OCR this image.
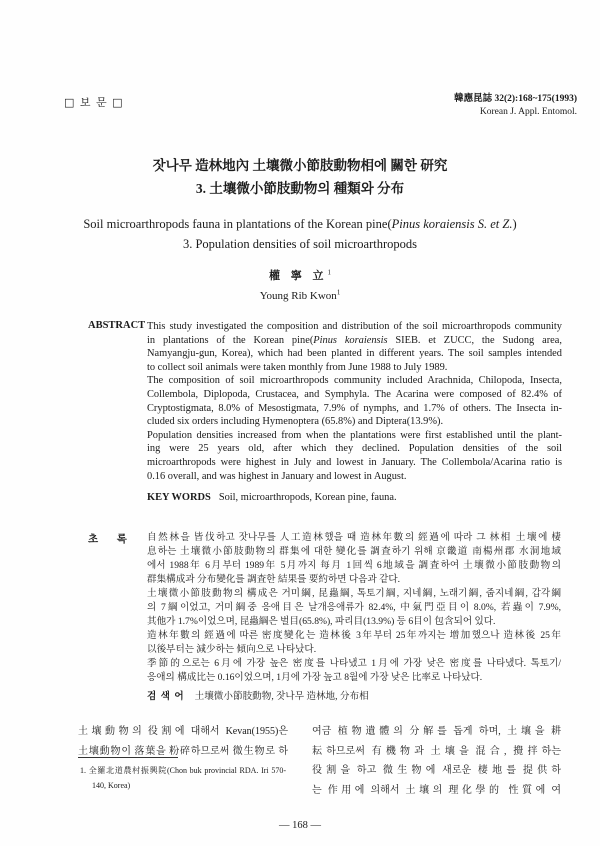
□ 보 문 □	韓應昆誌 32(2):168~175(1993)
Korean J. Appl. Entomol.
잣나무 造林地內 土壤微小節肢動物相에 關한 研究
3. 土壤微小節肢動物의 種類와 分布
Soil microarthropods fauna in plantations of the Korean pine(Pinus koraiensis S. et Z.)
3. Population densities of soil microarthropods
權 寧 立$^1$
Young Rib Kwon$^1$
ABSTRACT This study investigated the composition and distribution of the soil microarthropods community
in plantations of the Korean pine(Pinus koraiensis SIEB. et ZUCC, the Sudong area,
Namyangju-gun, Korea), which had been planted in different years. The soil samples intended
to collect soil animals were taken monthly from June 1988 to July 1989.
The composition of soil microarthropods community included Arachnida, Chilopoda, Insecta,
Collembola, Diplopoda, Crustacea, and Symphyla. The Acarina were composed of 82.4% of
Cryptostigmata, 8.0% of Mesostigmata, 7.9% of nymphs, and 1.7% of others. The Insecta in-
cluded six orders including Hymenoptera (65.8%) and Diptera(13.9%).
Population densities increased from when the plantations were first established until the plant-
ing were 25 years old, after which they declined. Population densities of the soil
microarthropods were highest in July and lowest in January. The Collembola/Acarina ratio is
0.16 overall, and was highest in January and lowest in August.
KEY WORDS Soil, microarthropods, Korean pine, fauna.
초 록 自然林을 皆伐하고 잣나무를 人工造林했을 때 造林年數의 經過에 따라 그 林相 土壤에 棲
息하는 土壤微小節肢動物의 群集에 대한 變化를 調査하기 위해 京畿道 南楊州郡 水洞地域
에서 1988年 6月부터 1989年 5月까지 每月 1回씩 6地域을 調査하여 土壤微小節肢動物의
群集構成과 分布變化를 調査한 結果를 要約하면 다음과 같다.
土壤微小節肢動物의 構成은 거미綱, 昆蟲綱, 톡토기綱, 지네綱, 노래기綱, 줍지네綱, 갑각綱
의 7綱이었고, 거미綱중 응애目은 날개응애류가 82.4%, 中氣門亞目이 8.0%, 若蟲이 7.9%,
其他가 1.7%이었으며, 昆蟲綱은 벌目(65.8%), 파리目(13.9%) 등 6目이 包含되어 있다.
造林年數의 經過에 따른 密度變化는 造林後 3年부터 25年까지는 增加했으나 造林後 25年
以後부터는 減少하는 傾向으로 나타났다.
季節的으로는 6月에 가장 높은 密度를 나타냈고 1月에 가장 낮은 密度를 나타냈다. 톡토기/
응애의 構成比는 0.16이었으며, 1月에 가장 높고 8월에 가장 낮은 比率로 나타났다.
검 색 어 土壤微小節肢動物, 잣나무 造林地, 分布相
土壤動物의 役割에 대해서 Kevan(1955)은
土壤動物이 落葉을 粉碎하므로써 微生物로 하
여금 植物遺體의 分解를 돕게 하며, 土壤을 耕
耘하므로써 有機物과 土壤을 混合, 攪拌하는
役割을 하고 微生物에 새로운 棲地를 提供하
는 作用에 의해서 土壤의 理化學的 性質에 여
1. 全羅北道農村振興院(Chon buk provincial RDA. Iri 570-
140, Korea)
— 168 —
